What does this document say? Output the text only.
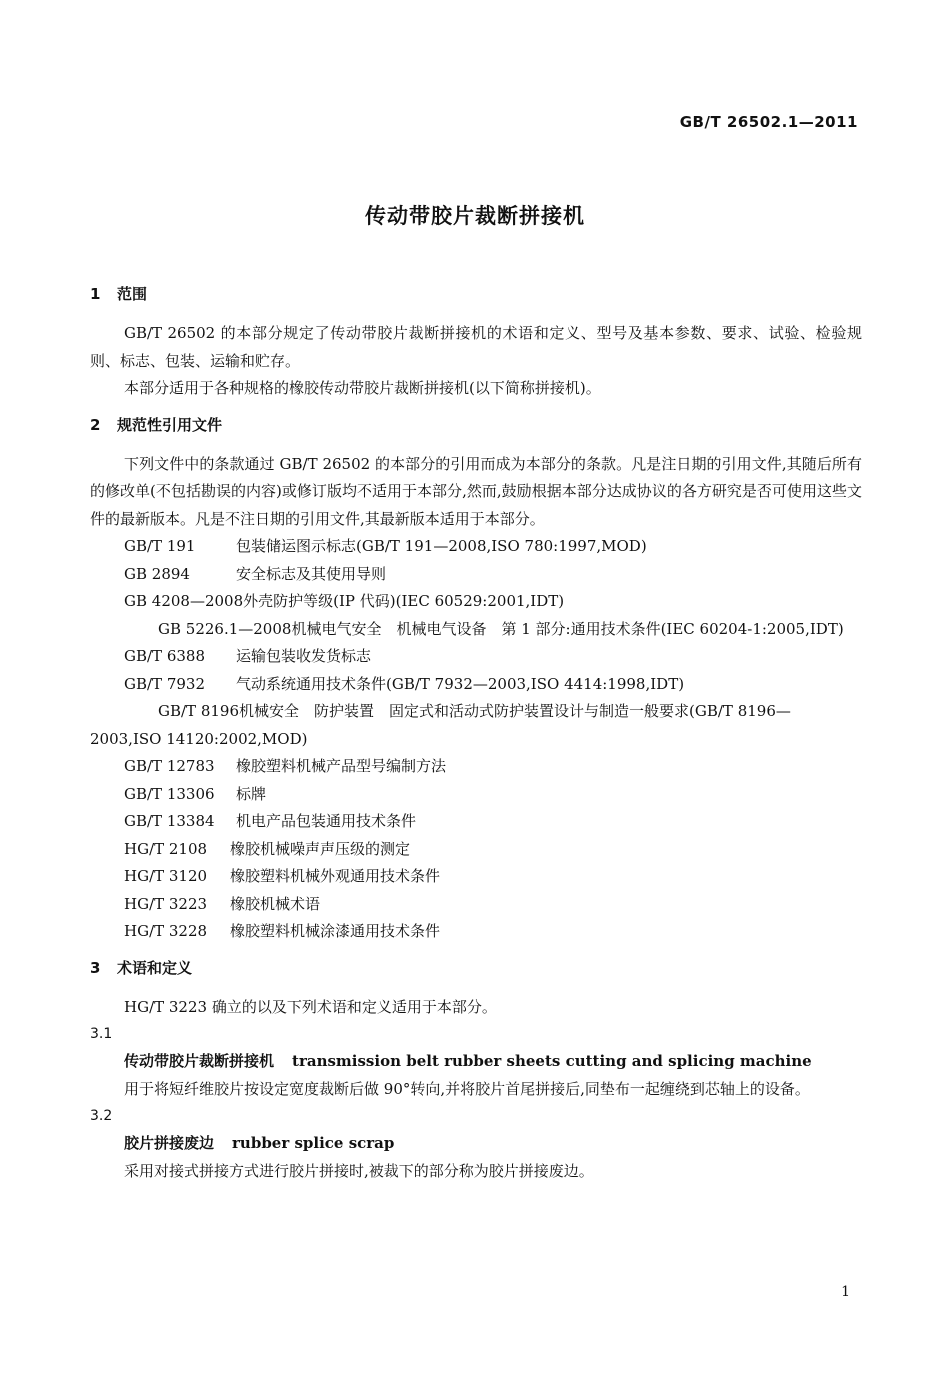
GB/T 26502.1—2011
传动带胶片裁断拼接机
1 范围

GB/T 26502 的本部分规定了传动带胶片裁断拼接机的术语和定义、型号及基本参数、要求、试验、检验规则、标志、包装、运输和贮存。

本部分适用于各种规格的橡胶传动带胶片裁断拼接机(以下简称拼接机)。

2 规范性引用文件

下列文件中的条款通过 GB/T 26502 的本部分的引用而成为本部分的条款。凡是注日期的引用文件,其随后所有的修改单(不包括勘误的内容)或修订版均不适用于本部分,然而,鼓励根据本部分达成协议的各方研究是否可使用这些文件的最新版本。凡是不注日期的引用文件,其最新版本适用于本部分。

GB/T 191	包装储运图示标志(GB/T 191—2008,ISO 780:1997,MOD)

GB 2894	安全标志及其使用导则

GB 4208—2008外壳防护等级(IP 代码)(IEC 60529:2001,IDT)

GB 5226.1—2008机械电气安全　机械电气设备　第 1 部分:通用技术条件(IEC 60204-1:2005,IDT)

GB/T 6388 运输包装收发货标志

GB/T 7932 气动系统通用技术条件(GB/T 7932—2003,ISO 4414:1998,IDT)

GB/T 8196机械安全　防护装置　固定式和活动式防护装置设计与制造一般要求(GB/T 8196—2003,ISO 14120:2002,MOD)

GB/T 12783 橡胶塑料机械产品型号编制方法

GB/T 13306 标牌

GB/T 13384 机电产品包装通用技术条件

HG/T 2108 橡胶机械噪声声压级的测定

HG/T 3120 橡胶塑料机械外观通用技术条件

HG/T 3223 橡胶机械术语

HG/T 3228 橡胶塑料机械涂漆通用技术条件

3 术语和定义

HG/T 3223 确立的以及下列术语和定义适用于本部分。

3.1

传动带胶片裁断拼接机 transmission belt rubber sheets cutting and splicing machine

用于将短纤维胶片按设定宽度裁断后做 90°转向,并将胶片首尾拼接后,同垫布一起缠绕到芯轴上的设备。

3.2

胶片拼接废边 rubber splice scrap

采用对接式拼接方式进行胶片拼接时,被裁下的部分称为胶片拼接废边。

1
